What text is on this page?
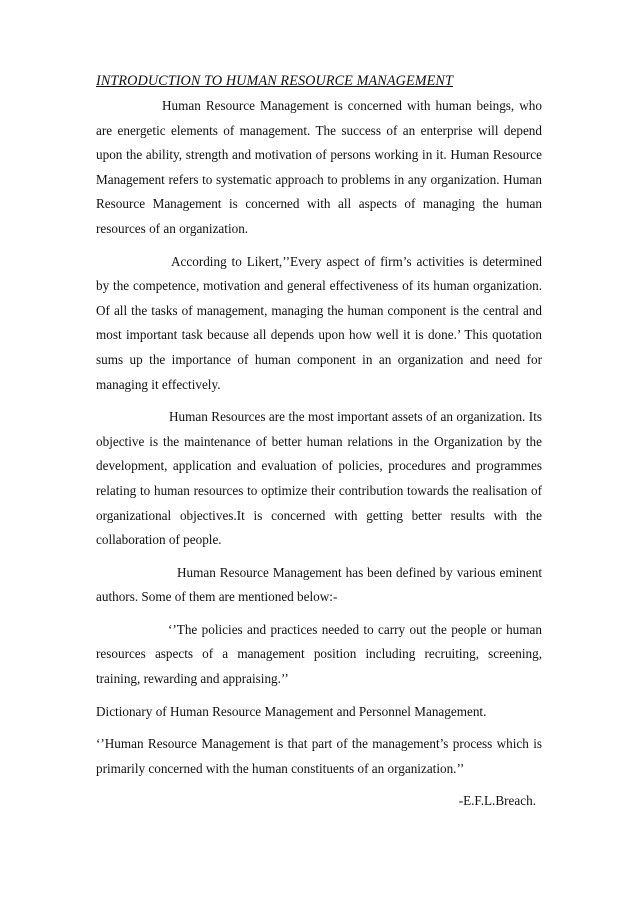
INTRODUCTION TO HUMAN RESOURCE MANAGEMENT

Human Resource Management is concerned with human beings, who are energetic elements of management. The success of an enterprise will depend upon the ability, strength and motivation of persons working in it. Human Resource Management refers to systematic approach to problems in any organization. Human Resource Management is concerned with all aspects of managing the human resources of an organization.

According to Likert,’’Every aspect of firm’s activities is determined by the competence, motivation and general effectiveness of its human organization. Of all the tasks of management, managing the human component is the central and most important task because all depends upon how well it is done.’ This quotation sums up the importance of human component in an organization and need for managing it effectively.

Human Resources are the most important assets of an organization. Its objective is the maintenance of better human relations in the Organization by the development, application and evaluation of policies, procedures and programmes relating to human resources to optimize their contribution towards the realisation of organizational objectives.It is concerned with getting better results with the collaboration of people.

Human Resource Management has been defined by various eminent authors. Some of them are mentioned below:-

‘’The policies and practices needed to carry out the people or human resources aspects of a management position including recruiting, screening, training, rewarding and appraising.’’

Dictionary of Human Resource Management and Personnel Management.

‘’Human Resource Management is that part of the management’s process which is primarily concerned with the human constituents of an organization.’’

-E.F.L.Breach.
